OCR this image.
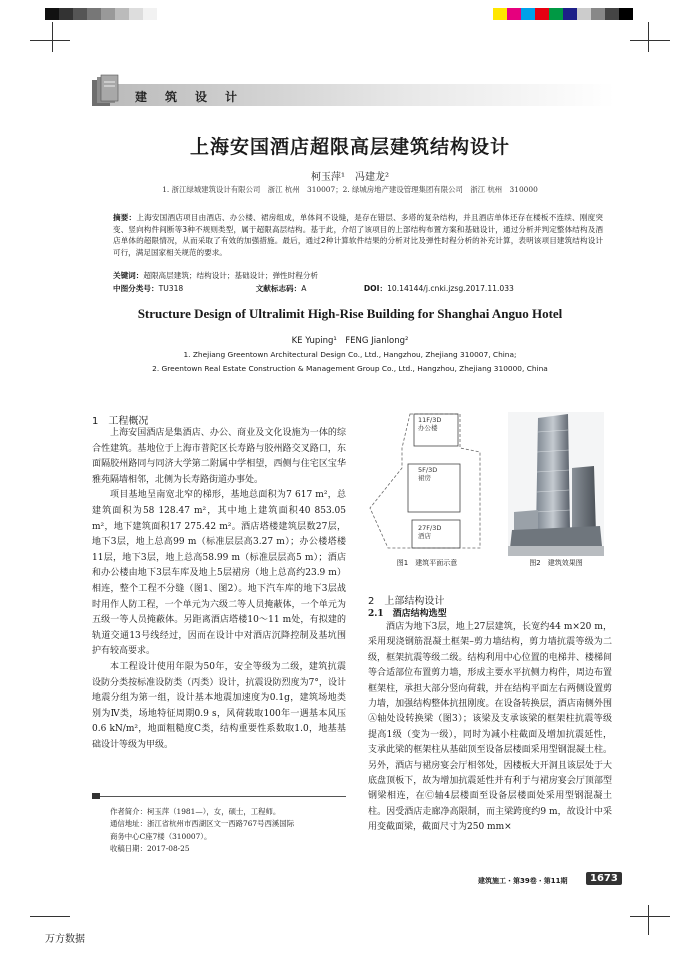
建　筑　设　计
上海安国酒店超限高层建筑结构设计
柯玉萍¹　冯建龙²
1. 浙江绿城建筑设计有限公司　浙江 杭州　310007；2. 绿城房地产建设管理集团有限公司　浙江 杭州　310000
摘要：上海安国酒店项目由酒店、办公楼、裙房组成，单体间不设缝，是存在错层、多塔的复杂结构，并且酒店单体还存在楼板不连续、刚度突变、竖向构件间断等3种不规则类型，属于超限高层结构。基于此，介绍了该项目的上部结构布置方案和基础设计，通过分析并判定整体结构及酒店单体的超限情况，从而采取了有效的加强措施。最后，通过2种计算软件结果的分析对比及弹性时程分析的补充计算，表明该项目建筑结构设计可行，满足国家相关规范的要求。
关键词：超限高层建筑；结构设计；基础设计；弹性时程分析
中图分类号：TU318	文献标志码：A	DOI：10.14144/j.cnki.jzsg.2017.11.033
Structure Design of Ultralimit High-Rise Building for Shanghai Anguo Hotel
KE Yuping¹　FENG Jianlong²
1. Zhejiang Greentown Architectural Design Co., Ltd., Hangzhou, Zhejiang 310007, China;
2. Greentown Real Estate Construction & Management Group Co., Ltd., Hangzhou, Zhejiang 310000, China
1　工程概况

上海安国酒店是集酒店、办公、商业及文化设施为一体的综合性建筑。基地位于上海市普陀区长寿路与胶州路交叉路口，东面隔胶州路同与同济大学第二附属中学相望，西侧与住宅区宝华雅苑隔墙相邻，北侧为长寿路街道办事处。

项目基地呈南宽北窄的梯形，基地总面积为7 617 m²，总建筑面积为58 128.47 m²，其中地上建筑面积40 853.05 m²，地下建筑面积17 275.42 m²。酒店塔楼建筑层数27层，地下3层，地上总高99 m（标准层层高3.27 m）；办公楼塔楼11层，地下3层，地上总高58.99 m（标准层层高5 m）；酒店和办公楼由地下3层车库及地上5层裙房（地上总高约23.9 m）相连，整个工程不分缝（图1、图2）。地下汽车库的地下3层战时用作人防工程，一个单元为六级二等人员掩蔽体，一个单元为五级一等人员掩蔽体。另距离酒店塔楼10～11 m处，有拟建的轨道交通13号线经过，因而在设计中对酒店沉降控制及基坑围护有较高要求。

本工程设计使用年限为50年，安全等级为二级，建筑抗震设防分类按标准设防类（丙类）设计，抗震设防烈度为7°，设计地震分组为第一组，设计基本地震加速度为0.1g，建筑场地类别为Ⅳ类，场地特征周期0.9 s，风荷载取100年一遇基本风压0.6 kN/m²，地面粗糙度C类，结构重要性系数取1.0，地基基础设计等级为甲级。

作者简介：柯玉萍（1981—），女，硕士，工程师。
通信地址：浙江省杭州市西湖区文一西路767号西溪国际
商务中心C座7楼（310007）。
收稿日期：2017-08-25
11F/3D
办公楼
5F/3D
裙房
27F/3D
酒店
图1　建筑平面示意	图2　建筑效果图
2　上部结构设计
2.1　酒店结构选型

酒店为地下3层，地上27层建筑，长宽约44 m×20 m，采用现浇钢筋混凝土框架–剪力墙结构，剪力墙抗震等级为二级，框架抗震等级二级。结构利用中心位置的电梯井、楼梯间等合适部位布置剪力墙，形成主要水平抗侧力构件，周边布置框架柱，承担大部分竖向荷载，并在结构平面左右两侧设置剪力墙，加强结构整体抗扭刚度。在设备转换层，酒店南侧外围Ⓐ轴处设转换梁（图3）；该梁及支承该梁的框架柱抗震等级提高1级（变为一级），同时为减小柱截面及增加抗震延性，支承此梁的框架柱从基础顶至设备层楼面采用型钢混凝土柱。另外，酒店与裙房宴会厅相邻处，因楼板大开洞且该层处于大底盘顶板下，故为增加抗震延性并有利于与裙房宴会厅顶部型钢梁相连，在Ⓒ轴4层楼面至设备层楼面处采用型钢混凝土柱。因受酒店走廊净高限制，而主梁跨度约9 m，故设计中采用变截面梁，截面尺寸为250 mm×

建筑施工・第39卷・第11期	1673
万方数据
